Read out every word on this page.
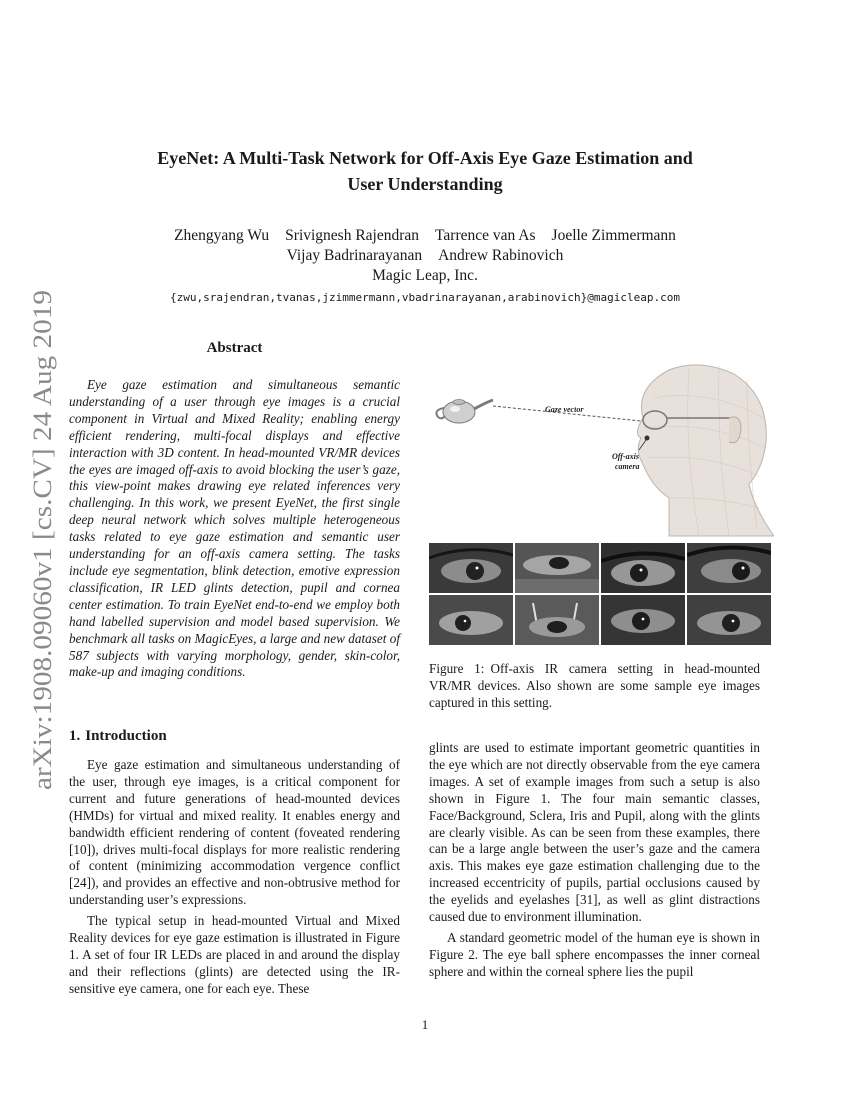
arXiv:1908.09060v1 [cs.CV] 24 Aug 2019
EyeNet: A Multi-Task Network for Off-Axis Eye Gaze Estimation and
User Understanding
Zhengyang Wu Srivignesh Rajendran Tarrence van As Joelle Zimmermann
Vijay Badrinarayanan Andrew Rabinovich
Magic Leap, Inc.
{zwu,srajendran,tvanas,jzimmermann,vbadrinarayanan,arabinovich}@magicleap.com
Abstract

Eye gaze estimation and simultaneous semantic understanding of a user through eye images is a crucial component in Virtual and Mixed Reality; enabling energy efficient rendering, multi-focal displays and effective interaction with 3D content. In head-mounted VR/MR devices the eyes are imaged off-axis to avoid blocking the user’s gaze, this view-point makes drawing eye related inferences very challenging. In this work, we present EyeNet, the first single deep neural network which solves multiple heterogeneous tasks related to eye gaze estimation and semantic user understanding for an off-axis camera setting. The tasks include eye segmentation, blink detection, emotive expression classification, IR LED glints detection, pupil and cornea center estimation. To train EyeNet end-to-end we employ both hand labelled supervision and model based supervision. We benchmark all tasks on MagicEyes, a large and new dataset of 587 subjects with varying morphology, gender, skin-color, make-up and imaging conditions.

1. Introduction

Eye gaze estimation and simultaneous understanding of the user, through eye images, is a critical component for current and future generations of head-mounted devices (HMDs) for virtual and mixed reality. It enables energy and bandwidth efficient rendering of content (foveated rendering [10]), drives multi-focal displays for more realistic rendering of content (minimizing accommodation vergence conflict [24]), and provides an effective and non-obtrusive method for understanding user’s expressions.

The typical setup in head-mounted Virtual and Mixed Reality devices for eye gaze estimation is illustrated in Figure 1. A set of four IR LEDs are placed in and around the display and their reflections (glints) are detected using the IR-sensitive eye camera, one for each eye. These

Gaze vector
Off-axis
camera

Figure 1: Off-axis IR camera setting in head-mounted VR/MR devices. Also shown are some sample eye images captured in this setting.

glints are used to estimate important geometric quantities in the eye which are not directly observable from the eye camera images. A set of example images from such a setup is also shown in Figure 1. The four main semantic classes, Face/Background, Sclera, Iris and Pupil, along with the glints are clearly visible. As can be seen from these examples, there can be a large angle between the user’s gaze and the camera axis. This makes eye gaze estimation challenging due to the increased eccentricity of pupils, partial occlusions caused by the eyelids and eyelashes [31], as well as glint distractions caused due to environment illumination.

A standard geometric model of the human eye is shown in Figure 2. The eye ball sphere encompasses the inner corneal sphere and within the corneal sphere lies the pupil

1
